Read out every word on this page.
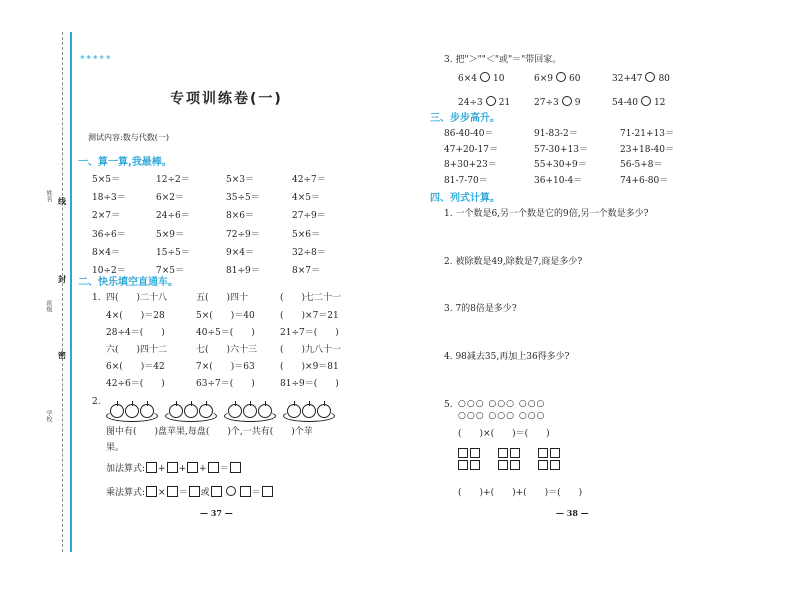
姓名
班级
学校
线
封
密
*****
专项训练卷(一)
测试内容:数与代数(一)
一、算一算,我最棒。
5×5＝	12÷2＝	5×3＝	42÷7＝
18÷3＝	6×2＝	35÷5＝	4×5＝
2×7＝	24÷6＝	8×6＝	27÷9＝
36÷6＝	5×9＝	72÷9＝	5×6＝
8×4＝	15÷5＝	9×4＝	32÷8＝
10÷2＝	7×5＝	81÷9＝	8×7＝
二、快乐填空直通车。
1. 四(　　)二十八	五(　　)四十	(　　)七二十一
4×(　　)＝28	5×(　　)＝40	(　　)×7＝21
28÷4＝(　　)	40÷5＝(　　)	21÷7＝(　　)
六(　　)四十二	七(　　)六十三	(　　)九八十一
6×(　　)＝42	7×(　　)＝63	(　　)×9＝81
42÷6＝(　　)	63÷7＝(　　)	81÷9＝(　　)
2.
图中有(　　)盘苹果,每盘(　　)个,一共有(　　)个苹
果。
加法算式: + + + ＝
乘法算式: × ＝ 或	＝
— 37 —
3. 把"＞""＜"或"＝"带回家。
6×4 10	6×9 60	32+47 80
24÷3 21	27÷3 9	54-40 12
三、步步高升。
86-40-40＝	91-83-2＝	71-21+13＝
47+20-17＝	57-30+13＝	23+18-40＝
8+30+23＝	55+30+9＝	56-5+8＝
81-7-70＝	36+10-4＝	74+6-80＝
四、列式计算。
1. 一个数是6,另一个数是它的9倍,另一个数是多少?
2. 被除数是49,除数是7,商是多少?
3. 7的8倍是多少?
4. 98减去35,再加上36得多少?
5. ○○○ ○○○ ○○○
○○○ ○○○ ○○○
(　　)×(　　)＝(　　)
(　　)+(　　)+(　　)＝(　　)
— 38 —
